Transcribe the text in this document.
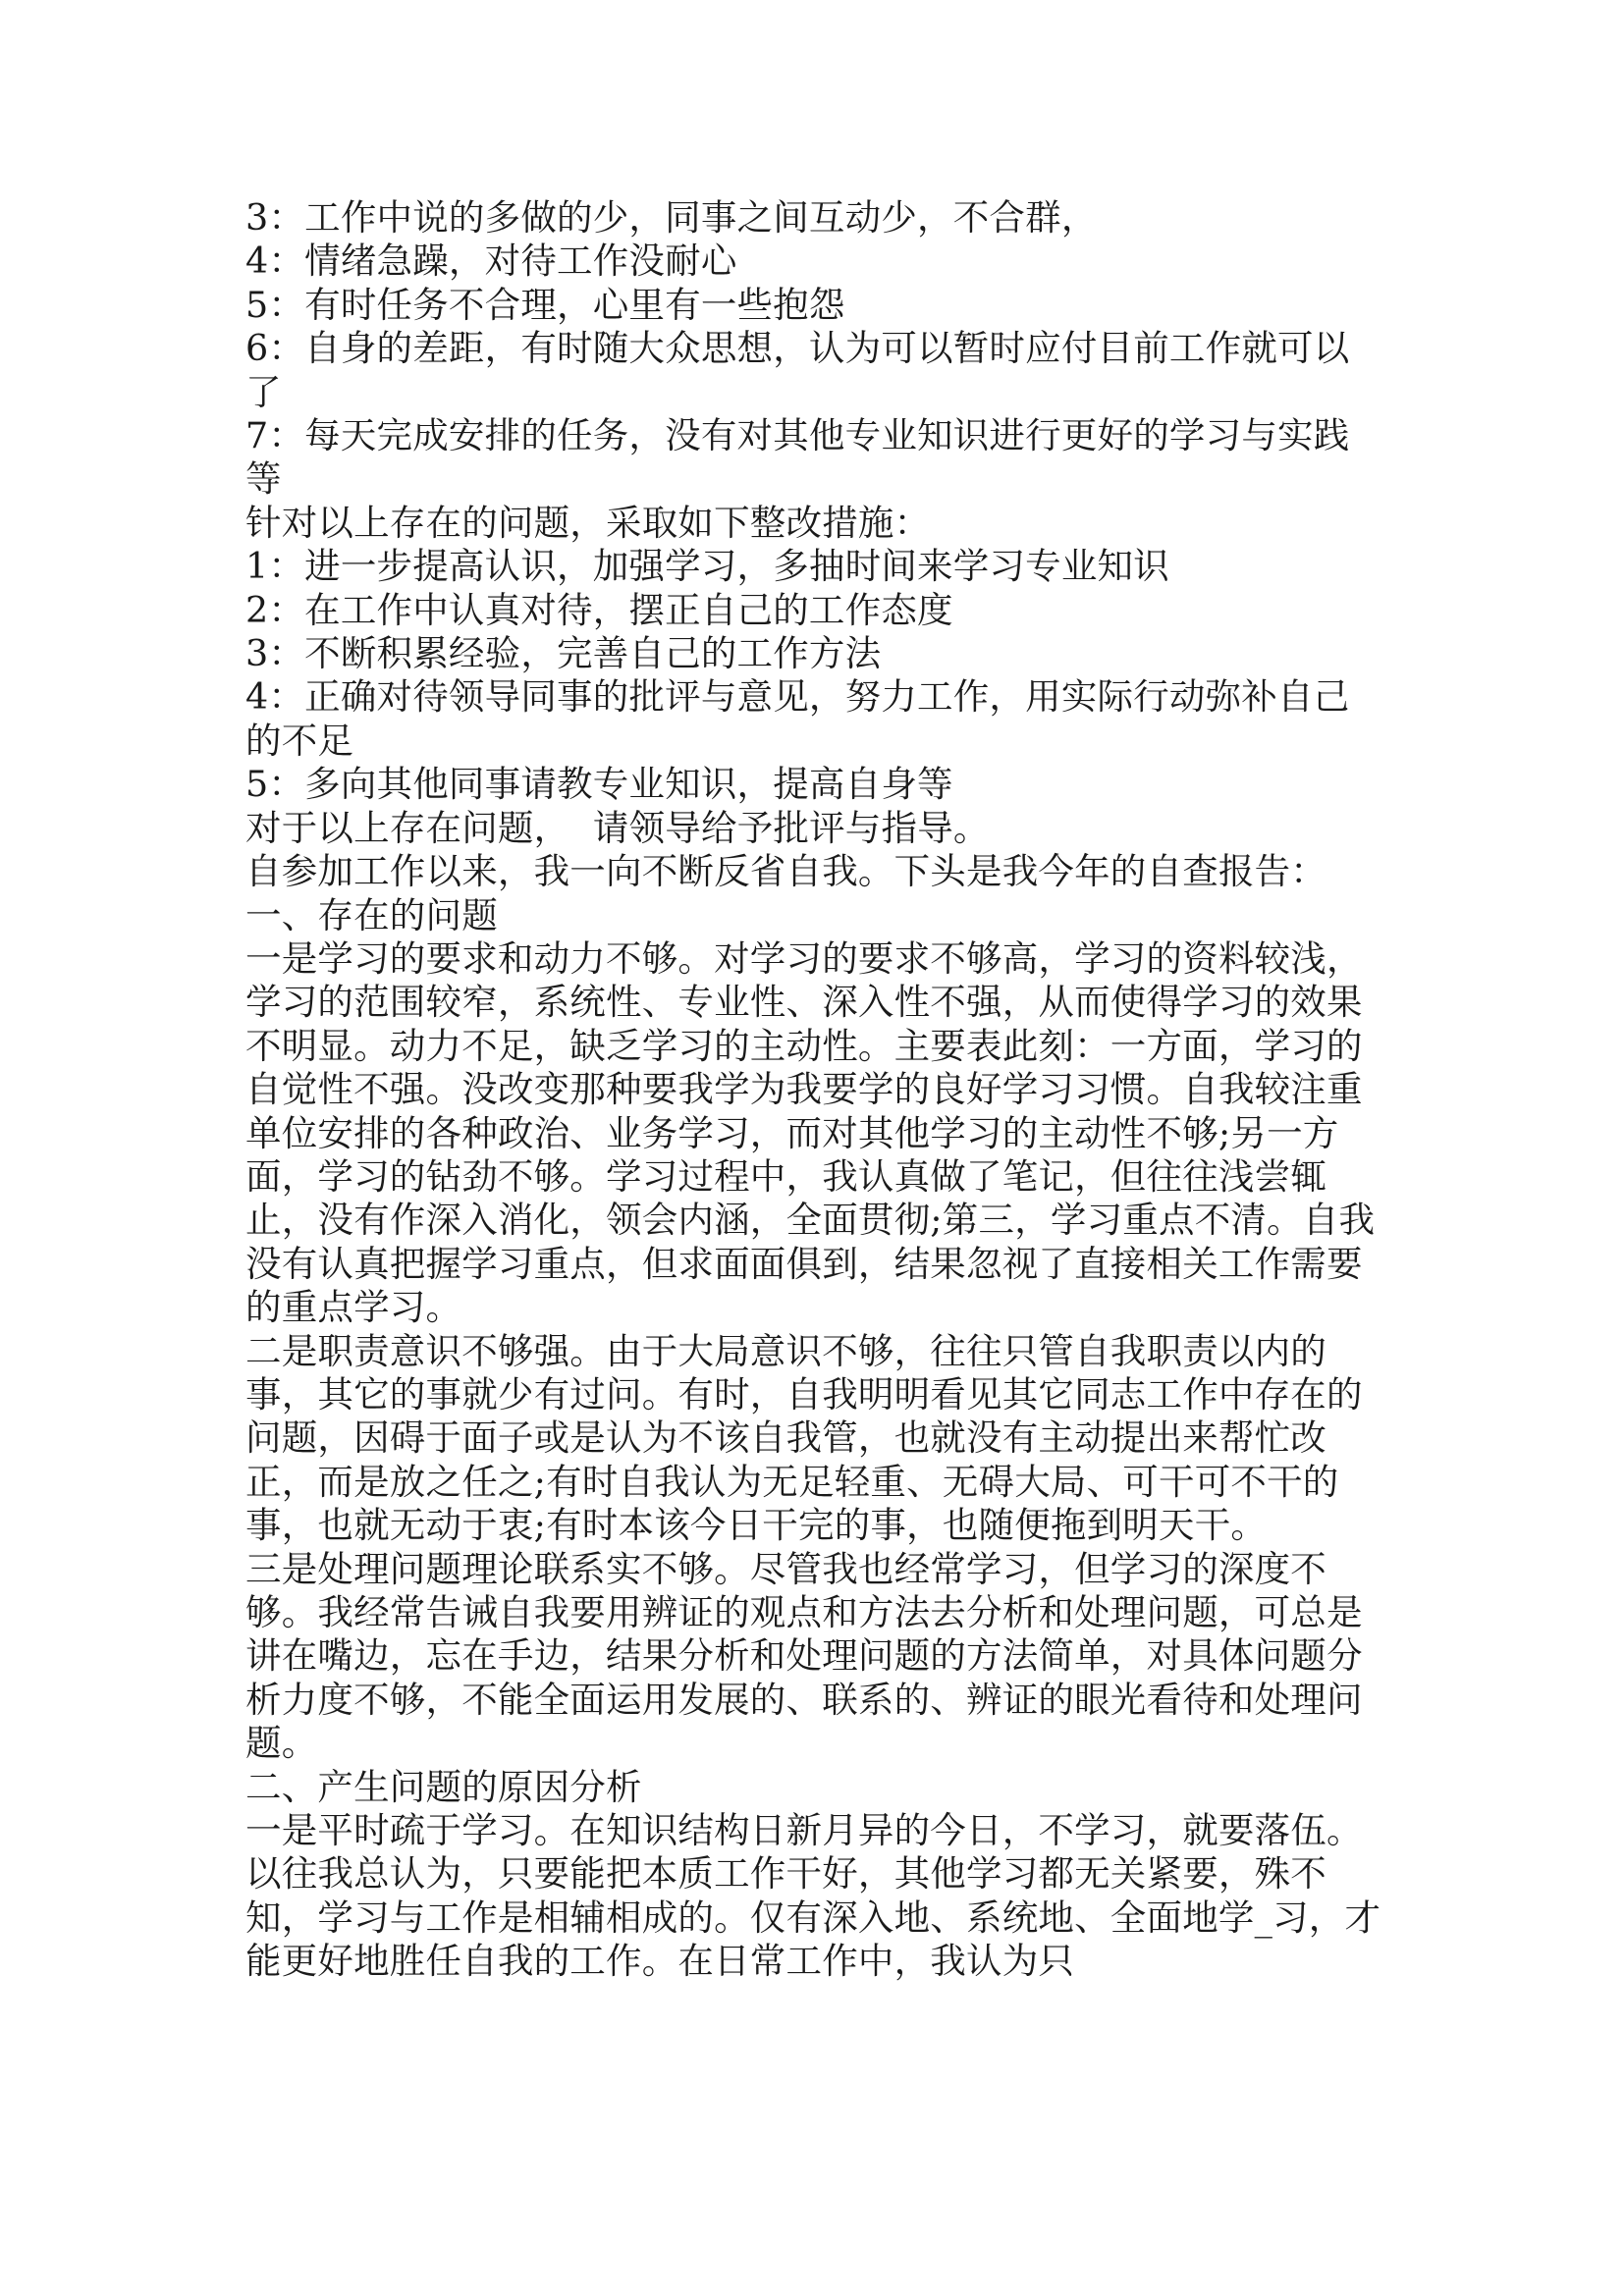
3：工作中说的多做的少，同事之间互动少，不合群，

4：情绪急躁，对待工作没耐心

5：有时任务不合理，心里有一些抱怨

6：自身的差距，有时随大众思想，认为可以暂时应付目前工作就可以了

7：每天完成安排的任务，没有对其他专业知识进行更好的学习与实践等

针对以上存在的问题，采取如下整改措施：

1：进一步提高认识，加强学习，多抽时间来学习专业知识

2：在工作中认真对待，摆正自己的工作态度

3：不断积累经验，完善自己的工作方法

4：正确对待领导同事的批评与意见，努力工作，用实际行动弥补自己的不足

5：多向其他同事请教专业知识，提高自身等

对于以上存在问题，  请领导给予批评与指导。

自参加工作以来，我一向不断反省自我。下头是我今年的自查报告：

一、存在的问题

一是学习的要求和动力不够。对学习的要求不够高，学习的资料较浅，学习的范围较窄，系统性、专业性、深入性不强，从而使得学习的效果不明显。动力不足，缺乏学习的主动性。主要表此刻：一方面，学习的自觉性不强。没改变那种要我学为我要学的良好学习习惯。自我较注重单位安排的各种政治、业务学习，而对其他学习的主动性不够;另一方面，学习的钻劲不够。学习过程中，我认真做了笔记，但往往浅尝辄止，没有作深入消化，领会内涵，全面贯彻;第三，学习重点不清。自我没有认真把握学习重点，但求面面俱到，结果忽视了直接相关工作需要的重点学习。

二是职责意识不够强。由于大局意识不够，往往只管自我职责以内的事，其它的事就少有过问。有时，自我明明看见其它同志工作中存在的问题，因碍于面子或是认为不该自我管，也就没有主动提出来帮忙改正，而是放之任之;有时自我认为无足轻重、无碍大局、可干可不干的事，也就无动于衷;有时本该今日干完的事，也随便拖到明天干。

三是处理问题理论联系实不够。尽管我也经常学习，但学习的深度不够。我经常告诫自我要用辨证的观点和方法去分析和处理问题，可总是讲在嘴边，忘在手边，结果分析和处理问题的方法简单，对具体问题分析力度不够，不能全面运用发展的、联系的、辨证的眼光看待和处理问题。

二、产生问题的原因分析

一是平时疏于学习。在知识结构日新月异的今日，不学习，就要落伍。以往我总认为，只要能把本质工作干好，其他学习都无关紧要，殊不知，学习与工作是相辅相成的。仅有深入地、系统地、全面地学_习，才能更好地胜任自我的工作。在日常工作中，我认为只
